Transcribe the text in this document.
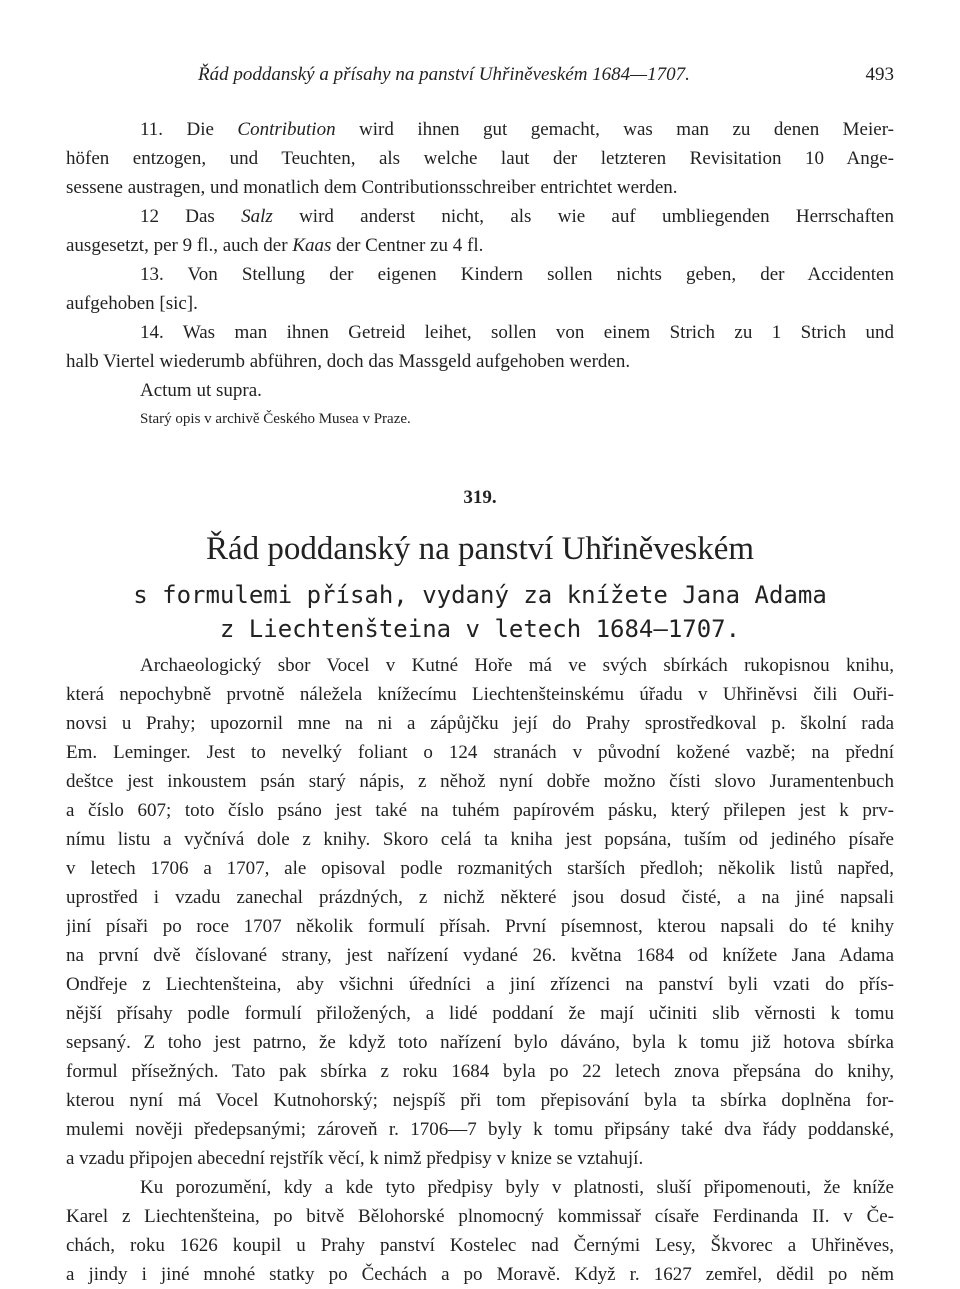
Řád poddanský a přísahy na panství Uhřiněveském 1684—1707.	493
11. Die Contribution wird ihnen gut gemacht, was man zu denen Meier-
höfen entzogen, und Teuchten, als welche laut der letzteren Revisitation 10 Ange-
sessene austragen, und monatlich dem Contributionsschreiber entrichtet werden.
12 Das Salz wird anderst nicht, als wie auf umbliegenden Herrschaften
ausgesetzt, per 9 fl., auch der Kaas der Centner zu 4 fl.
13. Von Stellung der eigenen Kindern sollen nichts geben, der Accidenten
aufgehoben [sic].
14. Was man ihnen Getreid leihet, sollen von einem Strich zu 1 Strich und
halb Viertel wiederumb abführen, doch das Massgeld aufgehoben werden.
Actum ut supra.
Starý opis v archivě Českého Musea v Praze.
319.
Řád poddanský na panství Uhřiněveském
s formulemi přísah, vydaný za knížete Jana Adama
z Liechtenšteina v letech 1684—1707.
Archaeologický sbor Vocel v Kutné Hoře má ve svých sbírkách rukopisnou knihu,
která nepochybně prvotně náležela knížecímu Liechtenšteinskému úřadu v Uhřiněvsi čili Ouři-
novsi u Prahy; upozornil mne na ni a zápůjčku její do Prahy sprostředkoval p. školní rada
Em. Leminger. Jest to nevelký foliant o 124 stranách v původní kožené vazbě; na přední
deštce jest inkoustem psán starý nápis, z něhož nyní dobře možno čísti slovo Juramentenbuch
a číslo 607; toto číslo psáno jest také na tuhém papírovém pásku, který přilepen jest k prv-
nímu listu a vyčnívá dole z knihy. Skoro celá ta kniha jest popsána, tuším od jediného písaře
v letech 1706 a 1707, ale opisoval podle rozmanitých starších předloh; několik listů napřed,
uprostřed i vzadu zanechal prázdných, z nichž některé jsou dosud čisté, a na jiné napsali
jiní písaři po roce 1707 několik formulí přísah. První písemnost, kterou napsali do té knihy
na první dvě číslované strany, jest nařízení vydané 26. května 1684 od knížete Jana Adama
Ondřeje z Liechtenšteina, aby všichni úředníci a jiní zřízenci na panství byli vzati do přís-
nější přísahy podle formulí přiložených, a lidé poddaní že mají učiniti slib věrnosti k tomu
sepsaný. Z toho jest patrno, že když toto nařízení bylo dáváno, byla k tomu již hotova sbírka
formul přísežných. Tato pak sbírka z roku 1684 byla po 22 letech znova přepsána do knihy,
kterou nyní má Vocel Kutnohorský; nejspíš při tom přepisování byla ta sbírka doplněna for-
mulemi nověji předepsanými; zároveň r. 1706—7 byly k tomu připsány také dva řády poddanské,
a vzadu připojen abecední rejstřík věcí, k nimž předpisy v knize se vztahují.
Ku porozumění, kdy a kde tyto předpisy byly v platnosti, sluší připomenouti, že kníže
Karel z Liechtenšteina, po bitvě Bělohorské plnomocný kommissař císaře Ferdinanda II. v Če-
chách, roku 1626 koupil u Prahy panství Kostelec nad Černými Lesy, Škvorec a Uhřiněves,
a jindy i jiné mnohé statky po Čechách a po Moravě. Když r. 1627 zemřel, dědil po něm
